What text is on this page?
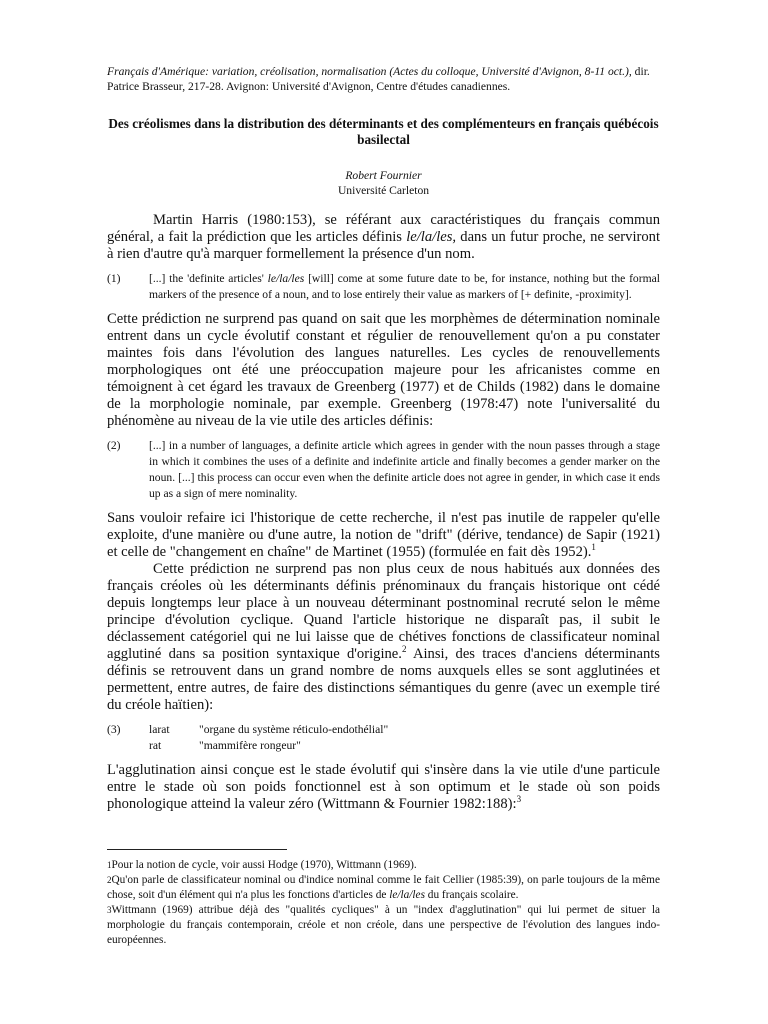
Français d'Amérique: variation, créolisation, normalisation (Actes du colloque, Université d'Avignon, 8-11 oct.), dir. Patrice Brasseur, 217-28. Avignon: Université d'Avignon, Centre d'études canadiennes.

Des créolismes dans la distribution des déterminants et des complémenteurs en français québécois basilectal

Robert Fournier

Université Carleton

Martin Harris (1980:153), se référant aux caractéristiques du français commun général, a fait la prédiction que les articles définis le/la/les, dans un futur proche, ne serviront à rien d'autre qu'à marquer formellement la présence d'un nom.

(1)	[...] the 'definite articles' le/la/les [will] come at some future date to be, for instance, nothing but the formal markers of the presence of a noun, and to lose entirely their value as markers of [+ definite, -proximity].

Cette prédiction ne surprend pas quand on sait que les morphèmes de détermination nominale entrent dans un cycle évolutif constant et régulier de renouvellement qu'on a pu constater maintes fois dans l'évolution des langues naturelles. Les cycles de renouvellements morphologiques ont été une préoccupation majeure pour les africanistes comme en témoignent à cet égard les travaux de Greenberg (1977) et de Childs (1982) dans le domaine de la morphologie nominale, par exemple. Greenberg (1978:47) note l'universalité du phénomène au niveau de la vie utile des articles définis:

(2)	[...] in a number of languages, a definite article which agrees in gender with the noun passes through a stage in which it combines the uses of a definite and indefinite article and finally becomes a gender marker on the noun. [...] this process can occur even when the definite article does not agree in gender, in which case it ends up as a sign of mere nominality.

Sans vouloir refaire ici l'historique de cette recherche, il n'est pas inutile de rappeler qu'elle exploite, d'une manière ou d'une autre, la notion de "drift" (dérive, tendance) de Sapir (1921) et celle de "changement en chaîne" de Martinet (1955) (formulée en fait dès 1952).$^1$

Cette prédiction ne surprend pas non plus ceux de nous habitués aux données des français créoles où les déterminants définis prénominaux du français historique ont cédé depuis longtemps leur place à un nouveau déterminant postnominal recruté selon le même principe d'évolution cyclique. Quand l'article historique ne disparaît pas, il subit le déclassement catégoriel qui ne lui laisse que de chétives fonctions de classificateur nominal agglutiné dans sa position syntaxique d'origine.$^2$ Ainsi, des traces d'anciens déterminants définis se retrouvent dans un grand nombre de noms auxquels elles se sont agglutinées et permettent, entre autres, de faire des distinctions sémantiques du genre (avec un exemple tiré du créole haïtien):

(3)	larat	"organe du système réticulo-endothélial"
rat	"mammifère rongeur"

L'agglutination ainsi conçue est le stade évolutif qui s'insère dans la vie utile d'une particule entre le stade où son poids fonctionnel est à son optimum et le stade où son poids phonologique atteind la valeur zéro (Wittmann & Fournier 1982:188):$^3$

$^1$Pour la notion de cycle, voir aussi Hodge (1970), Wittmann (1969).

$^2$Qu'on parle de classificateur nominal ou d'indice nominal comme le fait Cellier (1985:39), on parle toujours de la même chose, soit d'un élément qui n'a plus les fonctions d'articles de le/la/les du français scolaire.

$^3$Wittmann (1969) attribue déjà des "qualités cycliques" à un "index d'agglutination" qui lui permet de situer la morphologie du français contemporain, créole et non créole, dans une perspective de l'évolution des langues indo-européennes.
